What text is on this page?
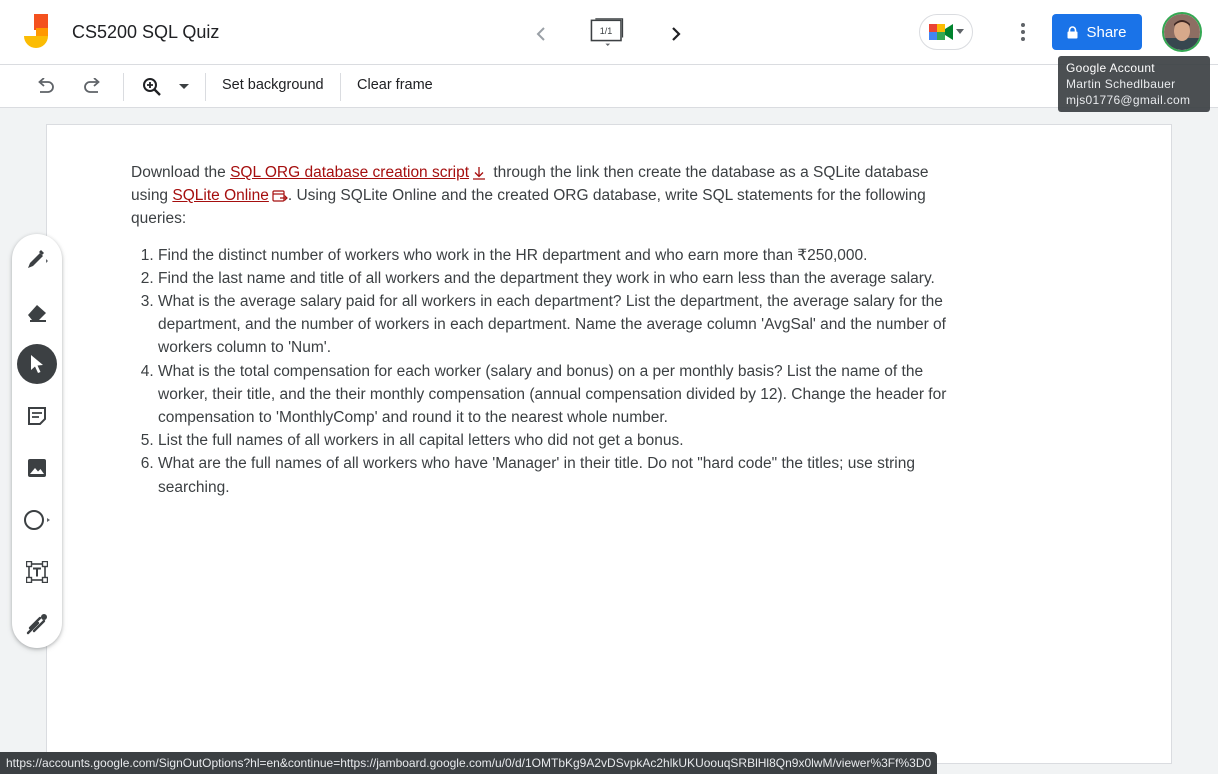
CS5200 SQL Quiz	1/1	Share
Google Account
Martin Schedlbauer
mjs01776@gmail.com
Set background Clear frame

Download the SQL ORG database creation script through the link then create the database as a SQLite database using SQLite Online . Using SQLite Online and the created ORG database, write SQL statements for the following queries:

1. Find the distinct number of workers who work in the HR department and who earn more than ₹250,000.
2. Find the last name and title of all workers and the department they work in who earn less than the average salary.
3. What is the average salary paid for all workers in each department? List the department, the average salary for the department, and the number of workers in each department. Name the average column 'AvgSal' and the number of workers column to 'Num'.
4. What is the total compensation for each worker (salary and bonus) on a per monthly basis? List the name of the worker, their title, and the their monthly compensation (annual compensation divided by 12). Change the header for compensation to 'MonthlyComp' and round it to the nearest whole number.
5. List the full names of all workers in all capital letters who did not get a bonus.
6. What are the full names of all workers who have 'Manager' in their title. Do not "hard code" the titles; use string searching.
https://accounts.google.com/SignOutOptions?hl=en&continue=https://jamboard.google.com/u/0/d/1OMTbKg9A2vDSvpkAc2hlkUKUoouqSRBlHl8Qn9x0lwM/viewer%3Ff%3D0
